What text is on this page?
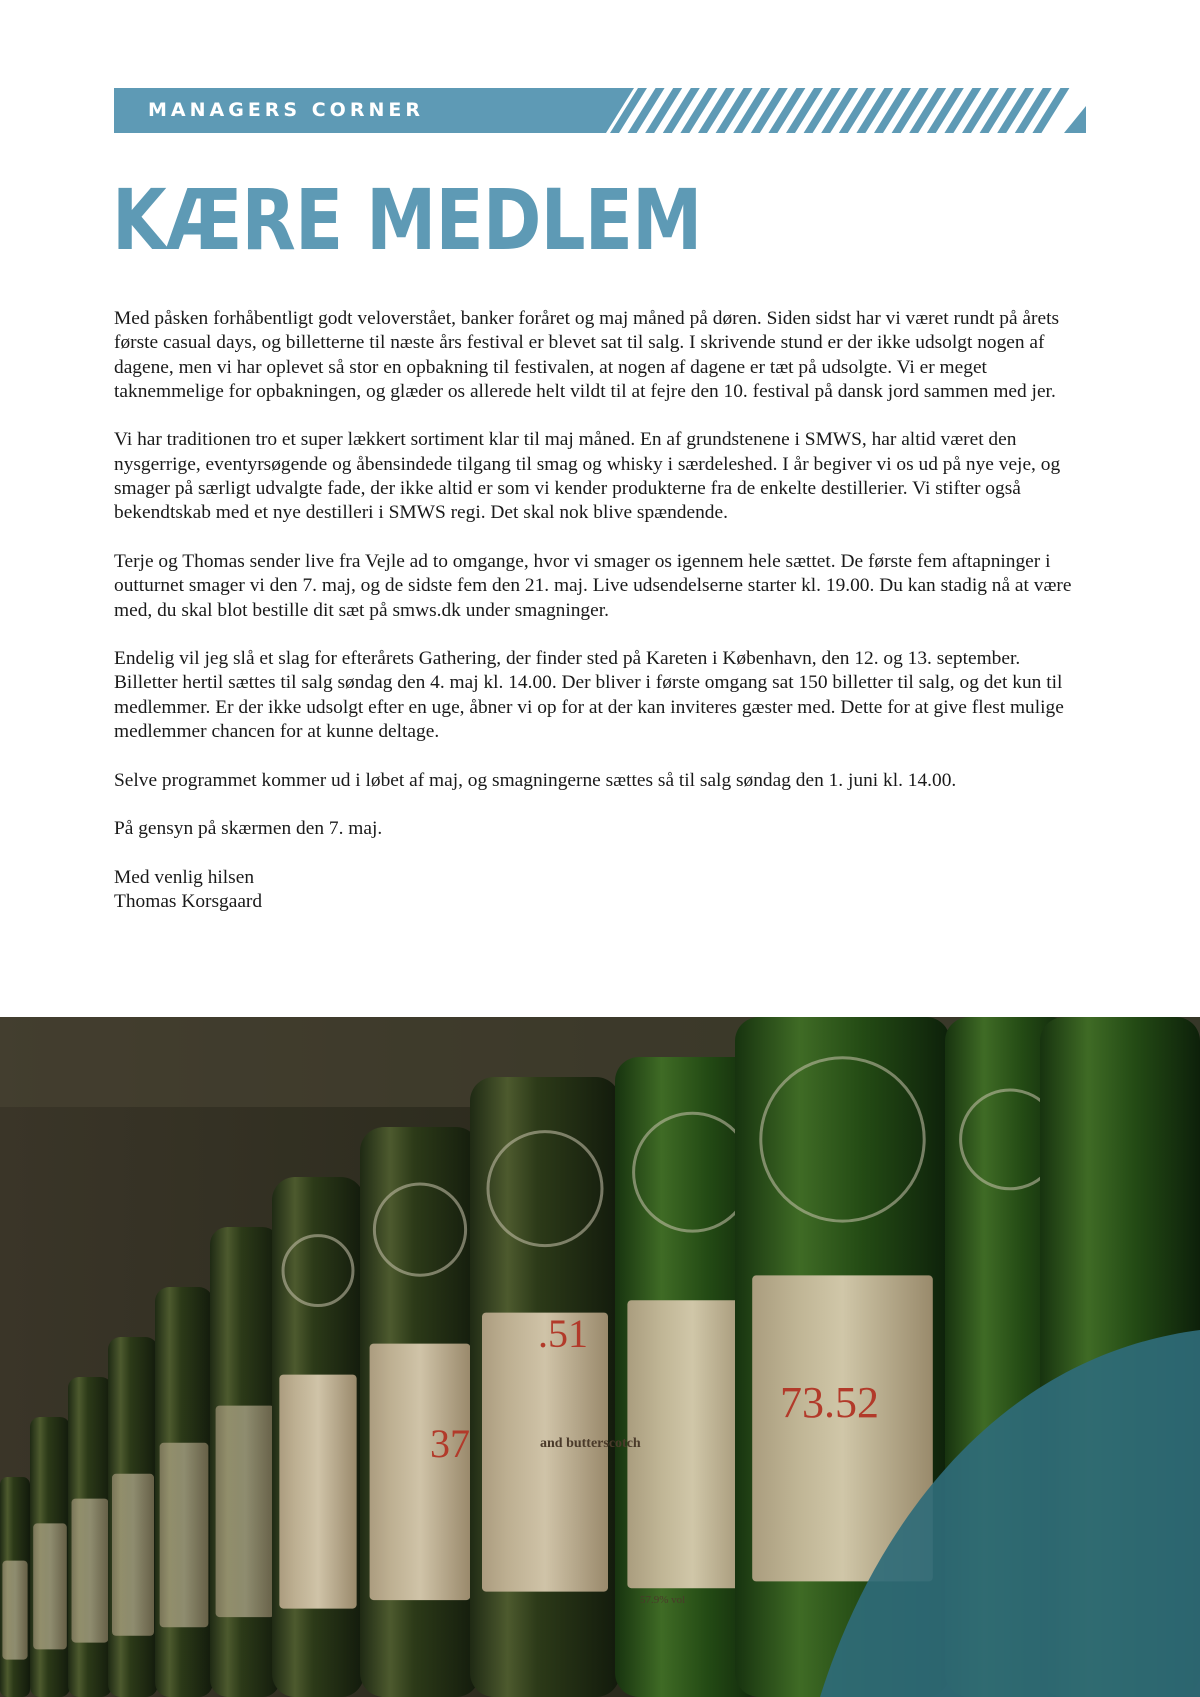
MANAGERS CORNER
KÆRE MEDLEM

Med påsken forhåbentligt godt veloverstået, banker foråret og maj måned på døren. Siden sidst har vi været rundt på årets første casual days, og billetterne til næste års festival er blevet sat til salg. I skrivende stund er der ikke udsolgt nogen af dagene, men vi har oplevet så stor en opbakning til festivalen, at nogen af dagene er tæt på udsolgte. Vi er meget taknemmelige for opbakningen, og glæder os allerede helt vildt til at fejre den 10. festival på dansk jord sammen med jer.

Vi har traditionen tro et super lækkert sortiment klar til maj måned. En af grundstenene i SMWS, har altid været den nysgerrige, eventyrsøgende og åbensindede tilgang til smag og whisky i særdeleshed. I år begiver vi os ud på nye veje, og smager på særligt udvalgte fade, der ikke altid er som vi kender produkterne fra de enkelte destillerier. Vi stifter også bekendtskab med et nye destilleri i SMWS regi. Det skal nok blive spændende.

Terje og Thomas sender live fra Vejle ad to omgange, hvor vi smager os igennem hele sættet. De første fem aftapninger i outturnet smager vi den 7. maj, og de sidste fem den 21. maj. Live udsendelserne starter kl. 19.00. Du kan stadig nå at være med, du skal blot bestille dit sæt på smws.dk under smagninger.

Endelig vil jeg slå et slag for efterårets Gathering, der finder sted på Kareten i København, den 12. og 13. september. Billetter hertil sættes til salg søndag den 4. maj kl. 14.00. Der bliver i første omgang sat 150 billetter til salg, og det kun til medlemmer. Er der ikke udsolgt efter en uge, åbner vi op for at der kan inviteres gæster med. Dette for at give flest mulige medlemmer chancen for at kunne deltage.

Selve programmet kommer ud i løbet af maj, og smagningerne sættes så til salg søndag den 1. juni kl. 14.00.

På gensyn på skærmen den 7. maj.

Med venlig hilsen
Thomas Korsgaard

37
.51
and butterscotch
73.52
57.9% vol
